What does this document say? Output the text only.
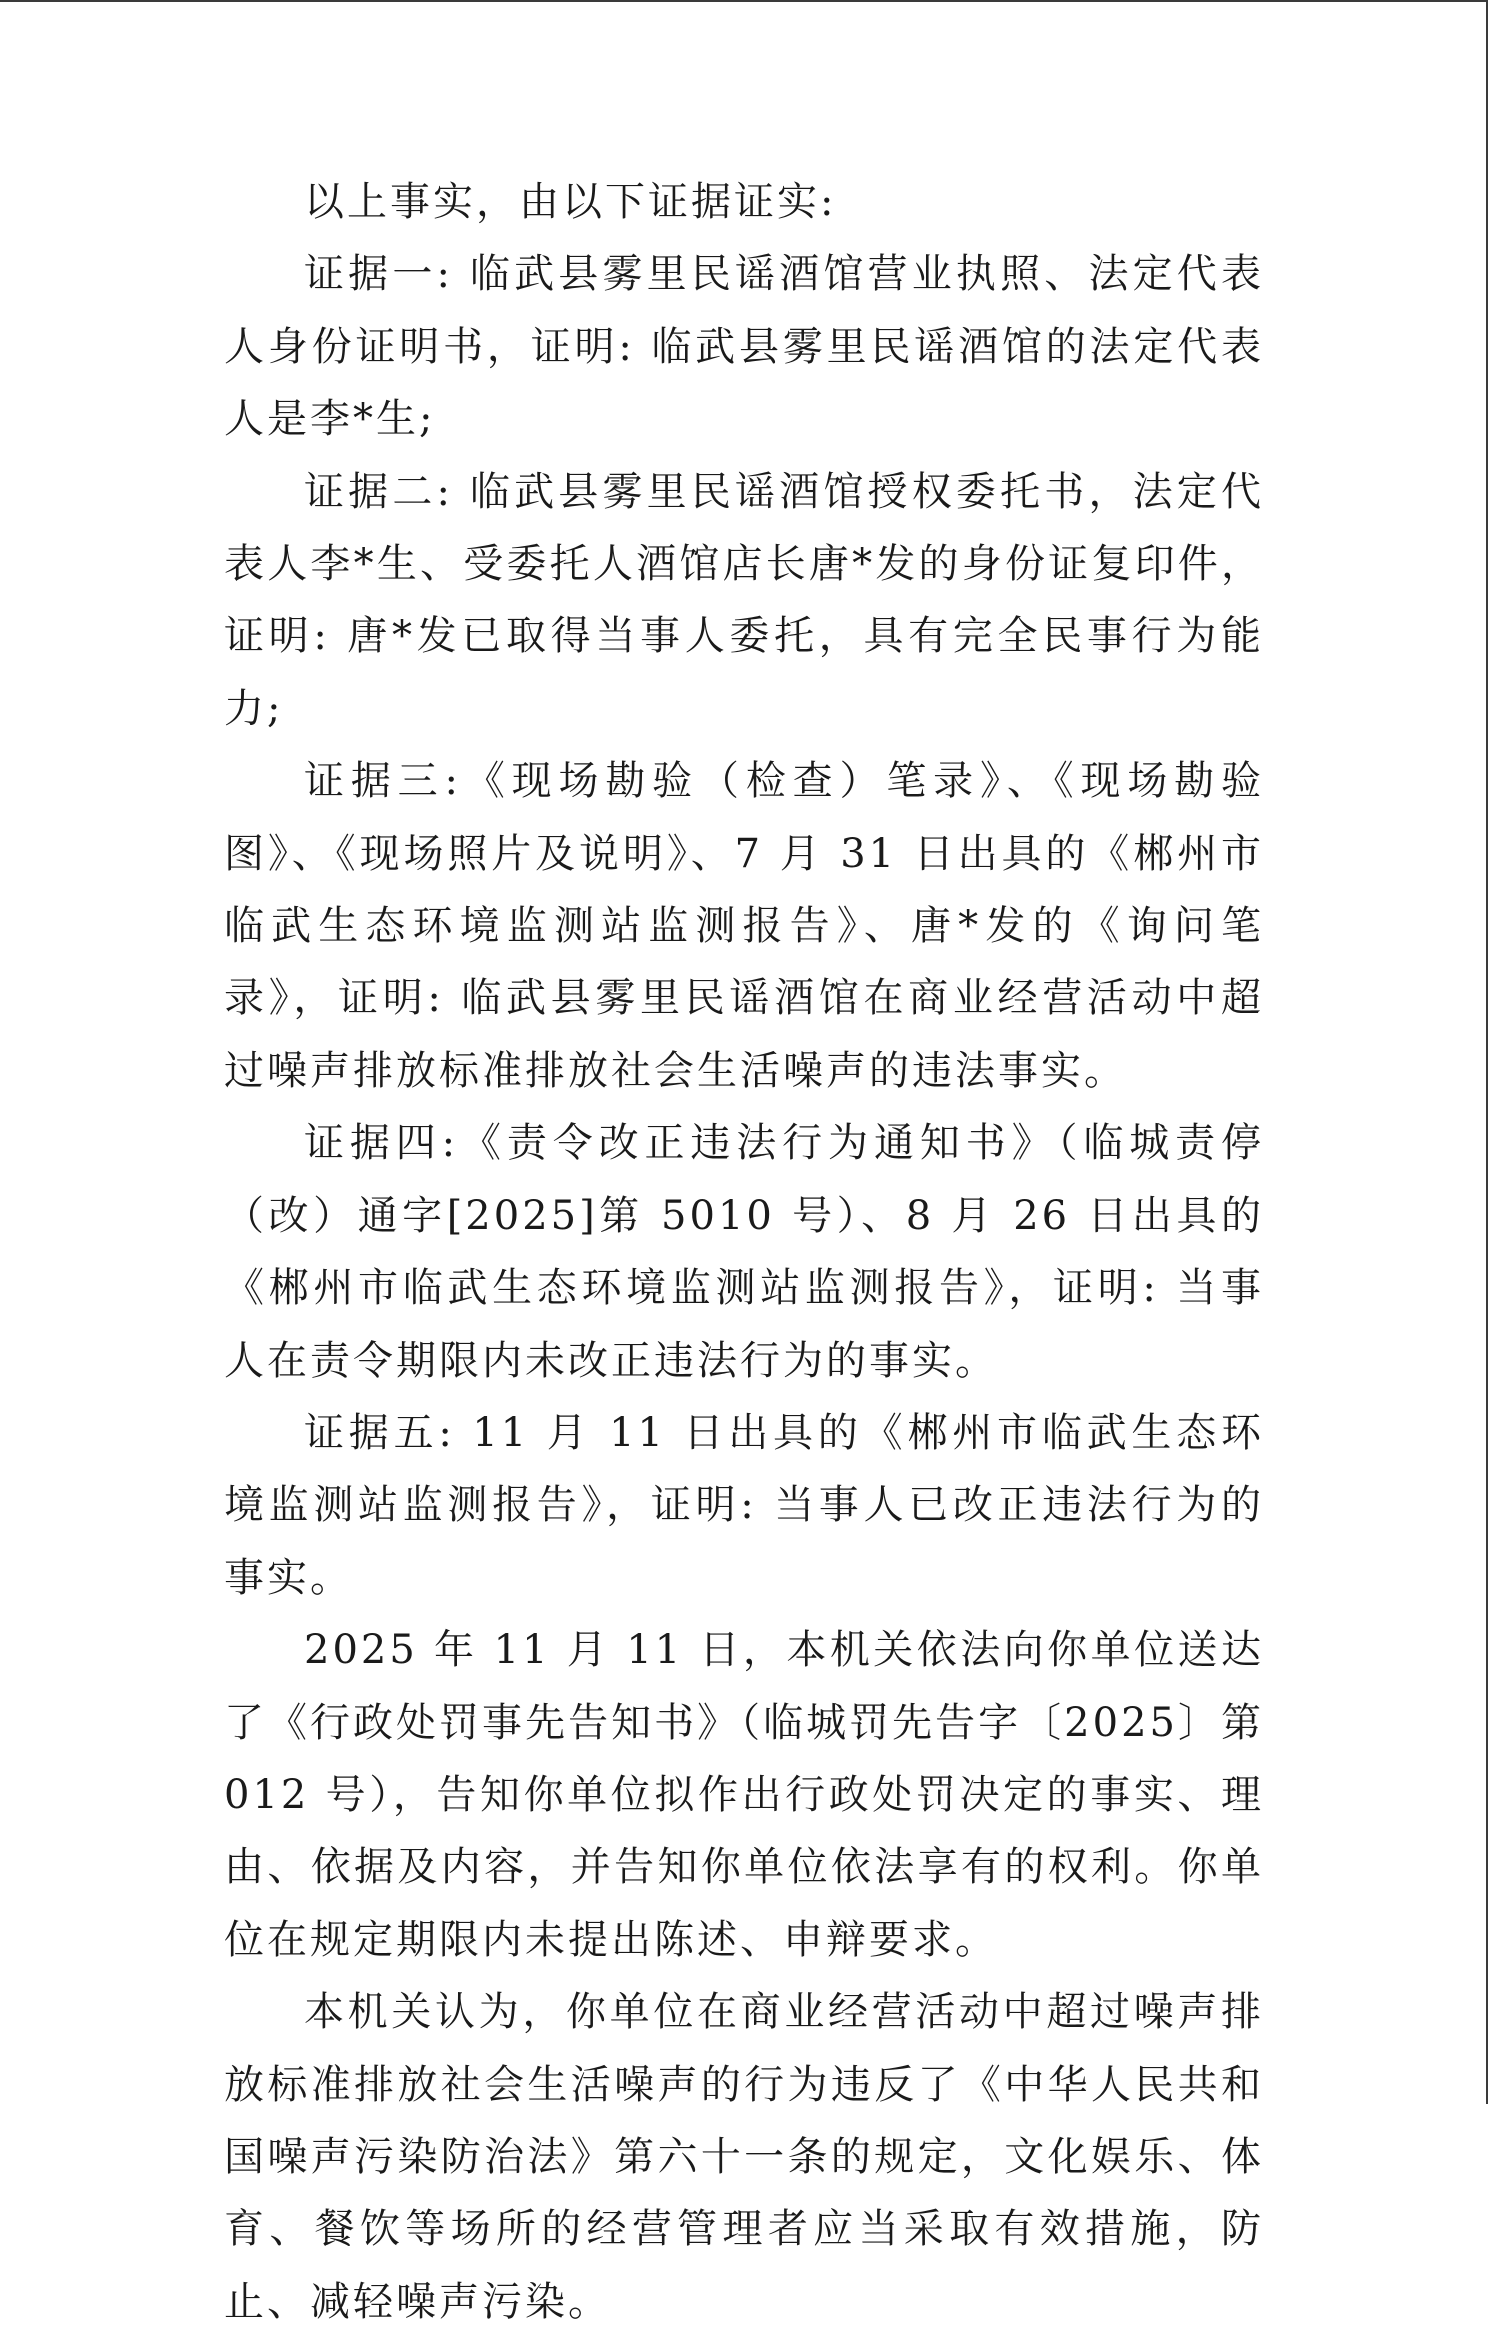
以上事实，由以下证据证实:

证据一: 临武县雾里民谣酒馆营业执照、法定代表人身份证明书，证明: 临武县雾里民谣酒馆的法定代表人是李*生;

证据二: 临武县雾里民谣酒馆授权委托书，法定代表人李*生、受委托人酒馆店长唐*发的身份证复印件，证明: 唐*发已取得当事人委托，具有完全民事行为能力;

证据三:《现场勘验（检查）笔录》、《现场勘验图》、《现场照片及说明》、7 月 31 日出具的《郴州市临武生态环境监测站监测报告》、唐*发的《询问笔录》，证明: 临武县雾里民谣酒馆在商业经营活动中超过噪声排放标准排放社会生活噪声的违法事实。

证据四:《责令改正违法行为通知书》（临城责停（改）通字[2025]第 5010 号）、8 月 26 日出具的《郴州市临武生态环境监测站监测报告》，证明: 当事人在责令期限内未改正违法行为的事实。

证据五: 11 月 11 日出具的《郴州市临武生态环境监测站监测报告》，证明: 当事人已改正违法行为的事实。

2025 年 11 月 11 日，本机关依法向你单位送达了《行政处罚事先告知书》（临城罚先告字〔2025〕第 012 号），告知你单位拟作出行政处罚决定的事实、理由、依据及内容，并告知你单位依法享有的权利。你单位在规定期限内未提出陈述、申辩要求。

本机关认为，你单位在商业经营活动中超过噪声排放标准排放社会生活噪声的行为违反了《中华人民共和国噪声污染防治法》第六十一条的规定，文化娱乐、体育、餐饮等场所的经营管理者应当采取有效措施，防止、减轻噪声污染。
